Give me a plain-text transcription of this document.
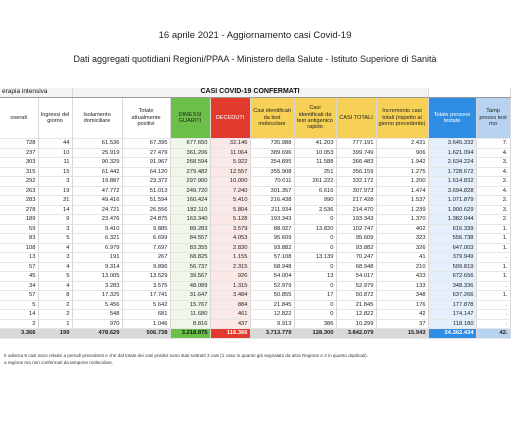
16 aprile 2021 - Aggiornamento casi Covid-19
Dati aggregati quotidiani Regioni/PPAA - Ministero della Salute - Istituto Superiore di Sanità
erapia intensiva		CASI COVID-19 CONFERMATI									
overati	Ingressi del giorno	Isolamento domiciliare	Totale attualmente positivi	DIMESSI GUARITI	DECEDUTI	Casi identificati da test molecolare	Casi identificati da test antigenico rapido	CASI TOTALI	Incremento casi totali (rispetto al giorno precedente)	Totale persone testate	Tamp proces test mo
728	44	61.536	67.395	677.650	32.146	735.988	41.203	777.191	2.431	3.645.332	7.
237	10	25.919	27.479	361.206	11.064	389.696	10.053	399.749	906	1.621.094	4.
303	11	90.329	91.967	268.594	5.922	354.895	11.588	366.483	1.942	2.634.224	3.
315	15	61.442	64.120	279.482	12.557	355.908	251	356.159	1.275	1.728.672	4.
292	3	19.887	23.372	297.900	10.000	70.011	261.222	332.172	1.200	1.614.832	2.
263	19	47.772	51.013	249.720	7.240	301.357	6.616	307.973	1.474	3.694.828	4.
283	31	49.416	51.594	160.424	5.410	216.438	990	217.428	1.537	1.071.879	2.
278	14	24.721	26.556	182.110	5.804	211.934	2.536	214.470	1.239	1.900.629	3.
189	9	23.476	24.875	163.340	5.128	193.343	0	193.343	1.370	1.382.044	2.
59	3	9.410	9.885	89.283	3.579	88.927	13.820	102.747	402	616.339	1.
83	5	6.321	6.699	84.557	4.053	95.609	0	95.609	323	556.738	1.
108	4	6.979	7.697	83.355	2.830	93.882	0	93.882	326	647.003	1.
13	3	191	267	68.825	1.155	57.108	13.139	70.247	41	379.949	.
57	4	9.314	9.896	56.737	2.315	68.948	0	68.948	210	599.819	1.
45	5	13.005	13.529	39.567	926	54.004	13	54.017	433	672.656	1.
34	4	3.283	3.575	48.089	1.315	52.979	0	52.979	133	348.336	.
57	8	17.325	17.741	31.647	3.484	50.855	17	50.872	348	637.266	1.
5	2	5.456	5.642	15.767	884	21.845	0	21.845	176	177.878	.
14	2	548	681	11.680	461	12.822	0	12.822	42	174.147	.
2	1	970	1.046	8.816	437	9.913	386	10.299	37	118.180	.
3.366	199	478.629	506.738	3.218.975	116.366	3.713.779	128.300	3.842.079	15.943	24.362.434	42.
è odierna 9 casi sono relativi a periodi precedenti e che dal totale dei casi positivi sono stati sottratti 3 casi (1 caso in quanto già segnalato da altra Regione e 2 in quanto duplicati).
a regione ma non confermati da tampone molecolare.
